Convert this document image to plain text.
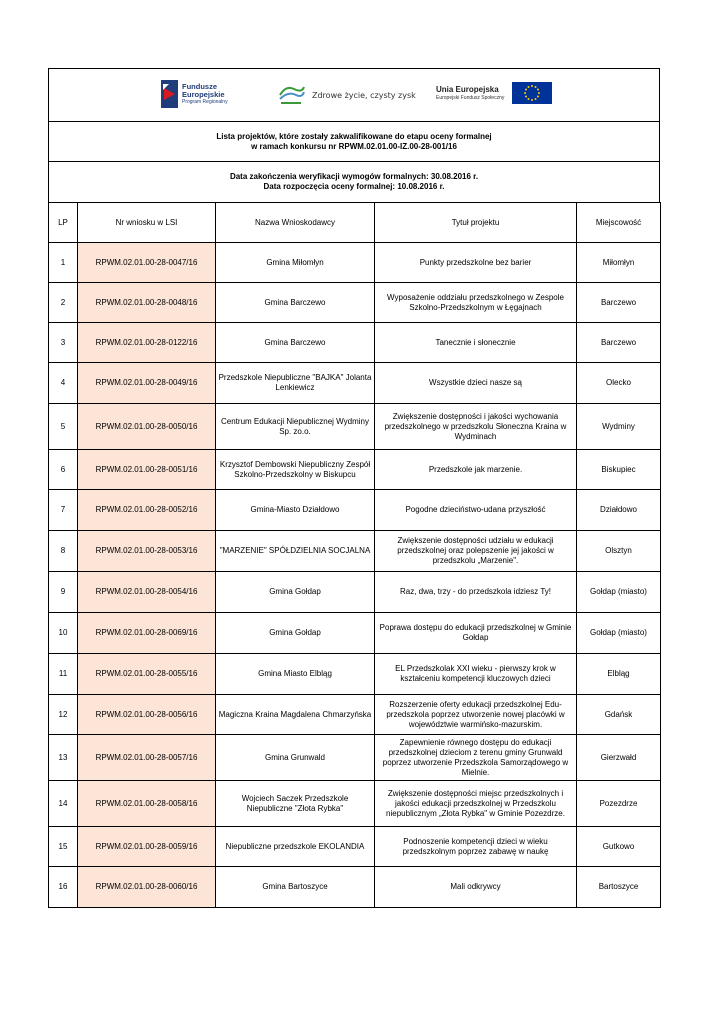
Fundusze
Europejskie
Program Regionalny
Zdrowe życie, czysty zysk
Unia Europejska
Europejski Fundusz Społeczny
Lista projektów, które zostały zakwalifikowane do etapu oceny formalnej
w ramach konkursu nr RPWM.02.01.00-IZ.00-28-001/16
Data zakończenia weryfikacji wymogów formalnych: 30.08.2016 r.
Data rozpoczęcia oceny formalnej: 10.08.2016 r.
LP	Nr wniosku w LSI	Nazwa Wnioskodawcy	Tytuł projektu	Miejscowość
1	RPWM.02.01.00-28-0047/16	Gmina Miłomłyn	Punkty przedszkolne bez barier	Miłomłyn
2	RPWM.02.01.00-28-0048/16	Gmina Barczewo	Wyposażenie oddziału przedszkolnego w Zespole Szkolno-Przedszkolnym w Łęgajnach	Barczewo
3	RPWM.02.01.00-28-0122/16	Gmina Barczewo	Tanecznie i słonecznie	Barczewo
4	RPWM.02.01.00-28-0049/16	Przedszkole Niepubliczne "BAJKA" Jolanta Lenkiewicz	Wszystkie dzieci nasze są	Olecko
5	RPWM.02.01.00-28-0050/16	Centrum Edukacji Niepublicznej Wydminy Sp. zo.o.	Zwiększenie dostępności i jakości wychowania przedszkolnego w przedszkolu Słoneczna Kraina w Wydminach	Wydminy
6	RPWM.02.01.00-28-0051/16	Krzysztof Dembowski Niepubliczny Zespół Szkolno-Przedszkolny w Biskupcu	Przedszkole jak marzenie.	Biskupiec
7	RPWM.02.01.00-28-0052/16	Gmina-Miasto Działdowo	Pogodne dzieciństwo-udana przyszłość	Działdowo
8	RPWM.02.01.00-28-0053/16	"MARZENIE" SPÓŁDZIELNIA SOCJALNA	Zwiększenie dostępności udziału w edukacji przedszkolnej oraz polepszenie jej jakości w przedszkolu „Marzenie".	Olsztyn
9	RPWM.02.01.00-28-0054/16	Gmina Gołdap	Raz, dwa, trzy - do przedszkola idziesz Ty!	Gołdap (miasto)
10	RPWM.02.01.00-28-0069/16	Gmina Gołdap	Poprawa dostępu do edukacji przedszkolnej w Gminie Gołdap	Gołdap (miasto)
11	RPWM.02.01.00-28-0055/16	Gmina Miasto Elbląg	EL Przedszkolak XXI wieku - pierwszy krok w kształceniu kompetencji kluczowych dzieci	Elbląg
12	RPWM.02.01.00-28-0056/16	Magiczna Kraina Magdalena Chmarzyńska	Rozszerzenie oferty edukacji przedszkolnej Edu-przedszkola poprzez utworzenie nowej placówki w województwie warmińsko-mazurskim.	Gdańsk
13	RPWM.02.01.00-28-0057/16	Gmina Grunwald	Zapewnienie równego dostępu do edukacji przedszkolnej dzieciom z terenu gminy Grunwald poprzez utworzenie Przedszkola Samorządowego w Mielnie.	Gierzwałd
14	RPWM.02.01.00-28-0058/16	Wojciech Saczek Przedszkole Niepubliczne "Złota Rybka"	Zwiększenie dostępności miejsc przedszkolnych i jakości edukacji przedszkolnej w Przedszkolu niepublicznym „Złota Rybka" w Gminie Pozezdrze.	Pozezdrze
15	RPWM.02.01.00-28-0059/16	Niepubliczne przedszkole EKOLANDIA	Podnoszenie kompetencji dzieci w wieku przedszkolnym poprzez zabawę w naukę	Gutkowo
16	RPWM.02.01.00-28-0060/16	Gmina Bartoszyce	Mali odkrywcy	Bartoszyce
